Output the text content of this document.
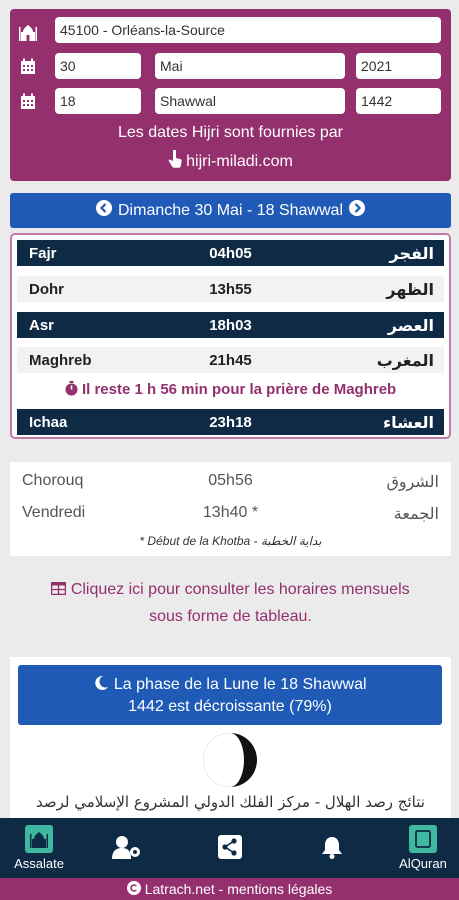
45100 - Orléans-la-Source
30	Mai	2021
18	Shawwal	1442
Les dates Hijri sont fournies par
hijri-miladi.com
Dimanche 30 Mai - 18 Shawwal
Fajr	04h05	الفجر
Dohr	13h55	الظهر
Asr	18h03	العصر
Maghreb	21h45	المغرب
Il reste 1 h 56 min pour la prière de Maghreb
Ichaa	23h18	العشاء
Chorouq	05h56	الشروق
Vendredi	13h40 *	الجمعة
* Début de la Khotba - بداية الخطبة
Cliquez ici pour consulter les horaires mensuels
sous forme de tableau.
La phase de la Lune le 18 Shawwal
1442 est décroissante (79%)
نتائج رصد الهلال - مركز الفلك الدولي المشروع الإسلامي لرصد
Assalate	AlQuran
Latrach.net - mentions légales
